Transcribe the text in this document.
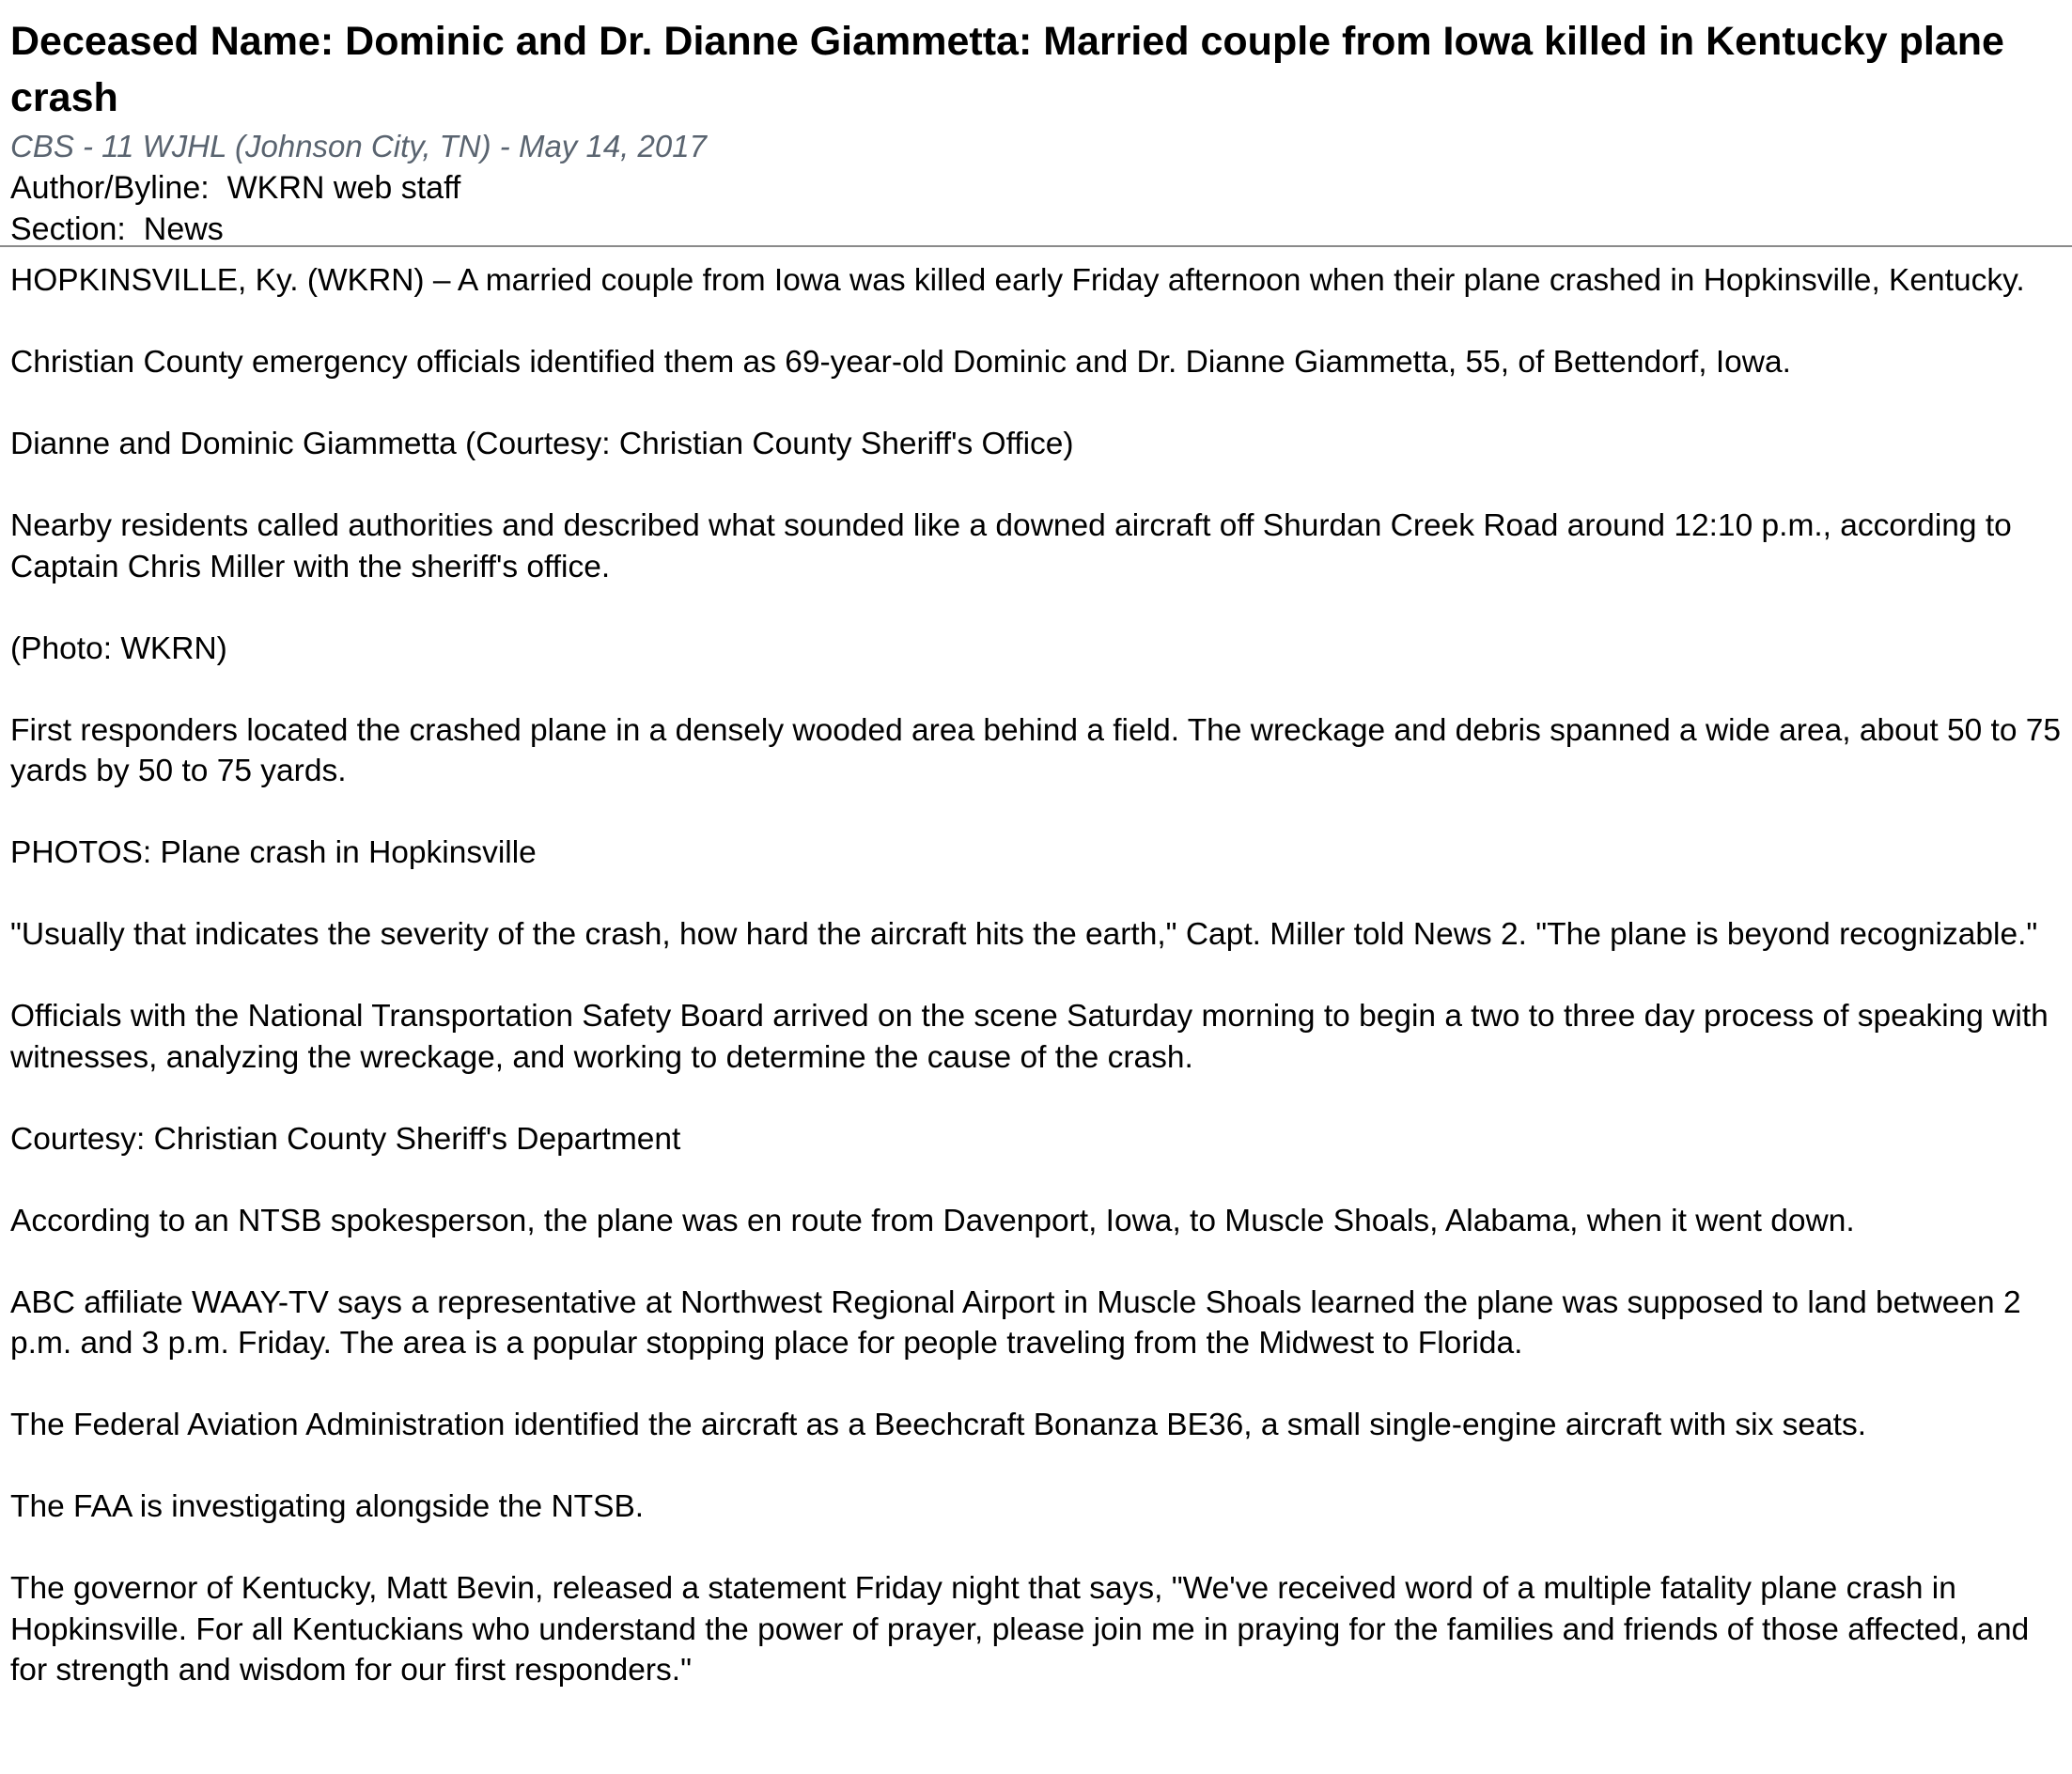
Deceased Name: Dominic and Dr. Dianne Giammetta: Married couple from Iowa killed in Kentucky plane crash
CBS - 11 WJHL (Johnson City, TN) - May 14, 2017
Author/Byline: WKRN web staff
Section: News

HOPKINSVILLE, Ky. (WKRN) – A married couple from Iowa was killed early Friday afternoon when their plane crashed in Hopkinsville, Kentucky.

Christian County emergency officials identified them as 69-year-old Dominic and Dr. Dianne Giammetta, 55, of Bettendorf, Iowa.

Dianne and Dominic Giammetta (Courtesy: Christian County Sheriff's Office)

Nearby residents called authorities and described what sounded like a downed aircraft off Shurdan Creek Road around 12:10 p.m., according to Captain Chris Miller with the sheriff's office.

(Photo: WKRN)

First responders located the crashed plane in a densely wooded area behind a field. The wreckage and debris spanned a wide area, about 50 to 75 yards by 50 to 75 yards.

PHOTOS: Plane crash in Hopkinsville

"Usually that indicates the severity of the crash, how hard the aircraft hits the earth," Capt. Miller told News 2. "The plane is beyond recognizable."

Officials with the National Transportation Safety Board arrived on the scene Saturday morning to begin a two to three day process of speaking with witnesses, analyzing the wreckage, and working to determine the cause of the crash.

Courtesy: Christian County Sheriff's Department

According to an NTSB spokesperson, the plane was en route from Davenport, Iowa, to Muscle Shoals, Alabama, when it went down.

ABC affiliate WAAY-TV says a representative at Northwest Regional Airport in Muscle Shoals learned the plane was supposed to land between 2 p.m. and 3 p.m. Friday. The area is a popular stopping place for people traveling from the Midwest to Florida.

The Federal Aviation Administration identified the aircraft as a Beechcraft Bonanza BE36, a small single-engine aircraft with six seats.

The FAA is investigating alongside the NTSB.

The governor of Kentucky, Matt Bevin, released a statement Friday night that says, "We've received word of a multiple fatality plane crash in Hopkinsville. For all Kentuckians who understand the power of prayer, please join me in praying for the families and friends of those affected, and for strength and wisdom for our first responders."
